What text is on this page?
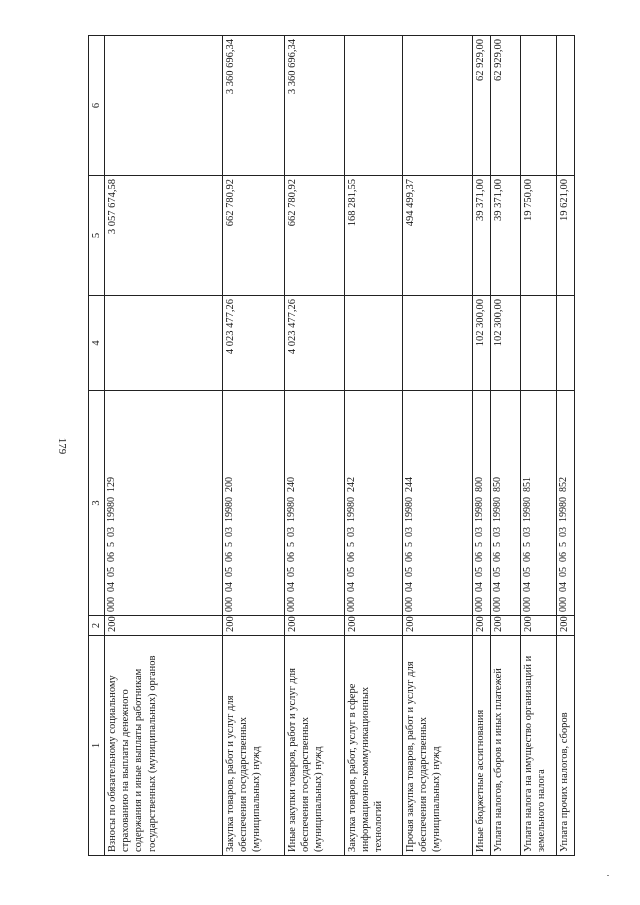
179
1	2	3	4	5	6
Взносы по обязательному социальному страхованию на выплаты денежного содержания и иные выплаты работникам государственных (муниципальных) органов	200	000  04  05  06  5  03  19980  129		3 057 674,58	
Закупка товаров, работ и услуг для обеспечения государственных (муниципальных) нужд	200	000  04  05  06  5  03  19980  200	4 023 477,26	662 780,92	3 360 696,34
Иные закупки товаров, работ и услуг для обеспечения государственных (муниципальных) нужд	200	000  04  05  06  5  03  19980  240	4 023 477,26	662 780,92	3 360 696,34
Закупка товаров, работ, услуг в сфере информационно-коммуникационных технологий	200	000  04  05  06  5  03  19980  242		168 281,55	
Прочая закупка товаров, работ и услуг для обеспечения государственных (муниципальных) нужд	200	000  04  05  06  5  03  19980  244		494 499,37	
Иные бюджетные ассигнования	200	000  04  05  06  5  03  19980  800	102 300,00	39 371,00	62 929,00
Уплата налогов, сборов и иных платежей	200	000  04  05  06  5  03  19980  850	102 300,00	39 371,00	62 929,00
Уплата налога на имущество организаций и земельного налога	200	000  04  05  06  5  03  19980  851		19 750,00	
Уплата прочих налогов, сборов	200	000  04  05  06  5  03  19980  852		19 621,00	
